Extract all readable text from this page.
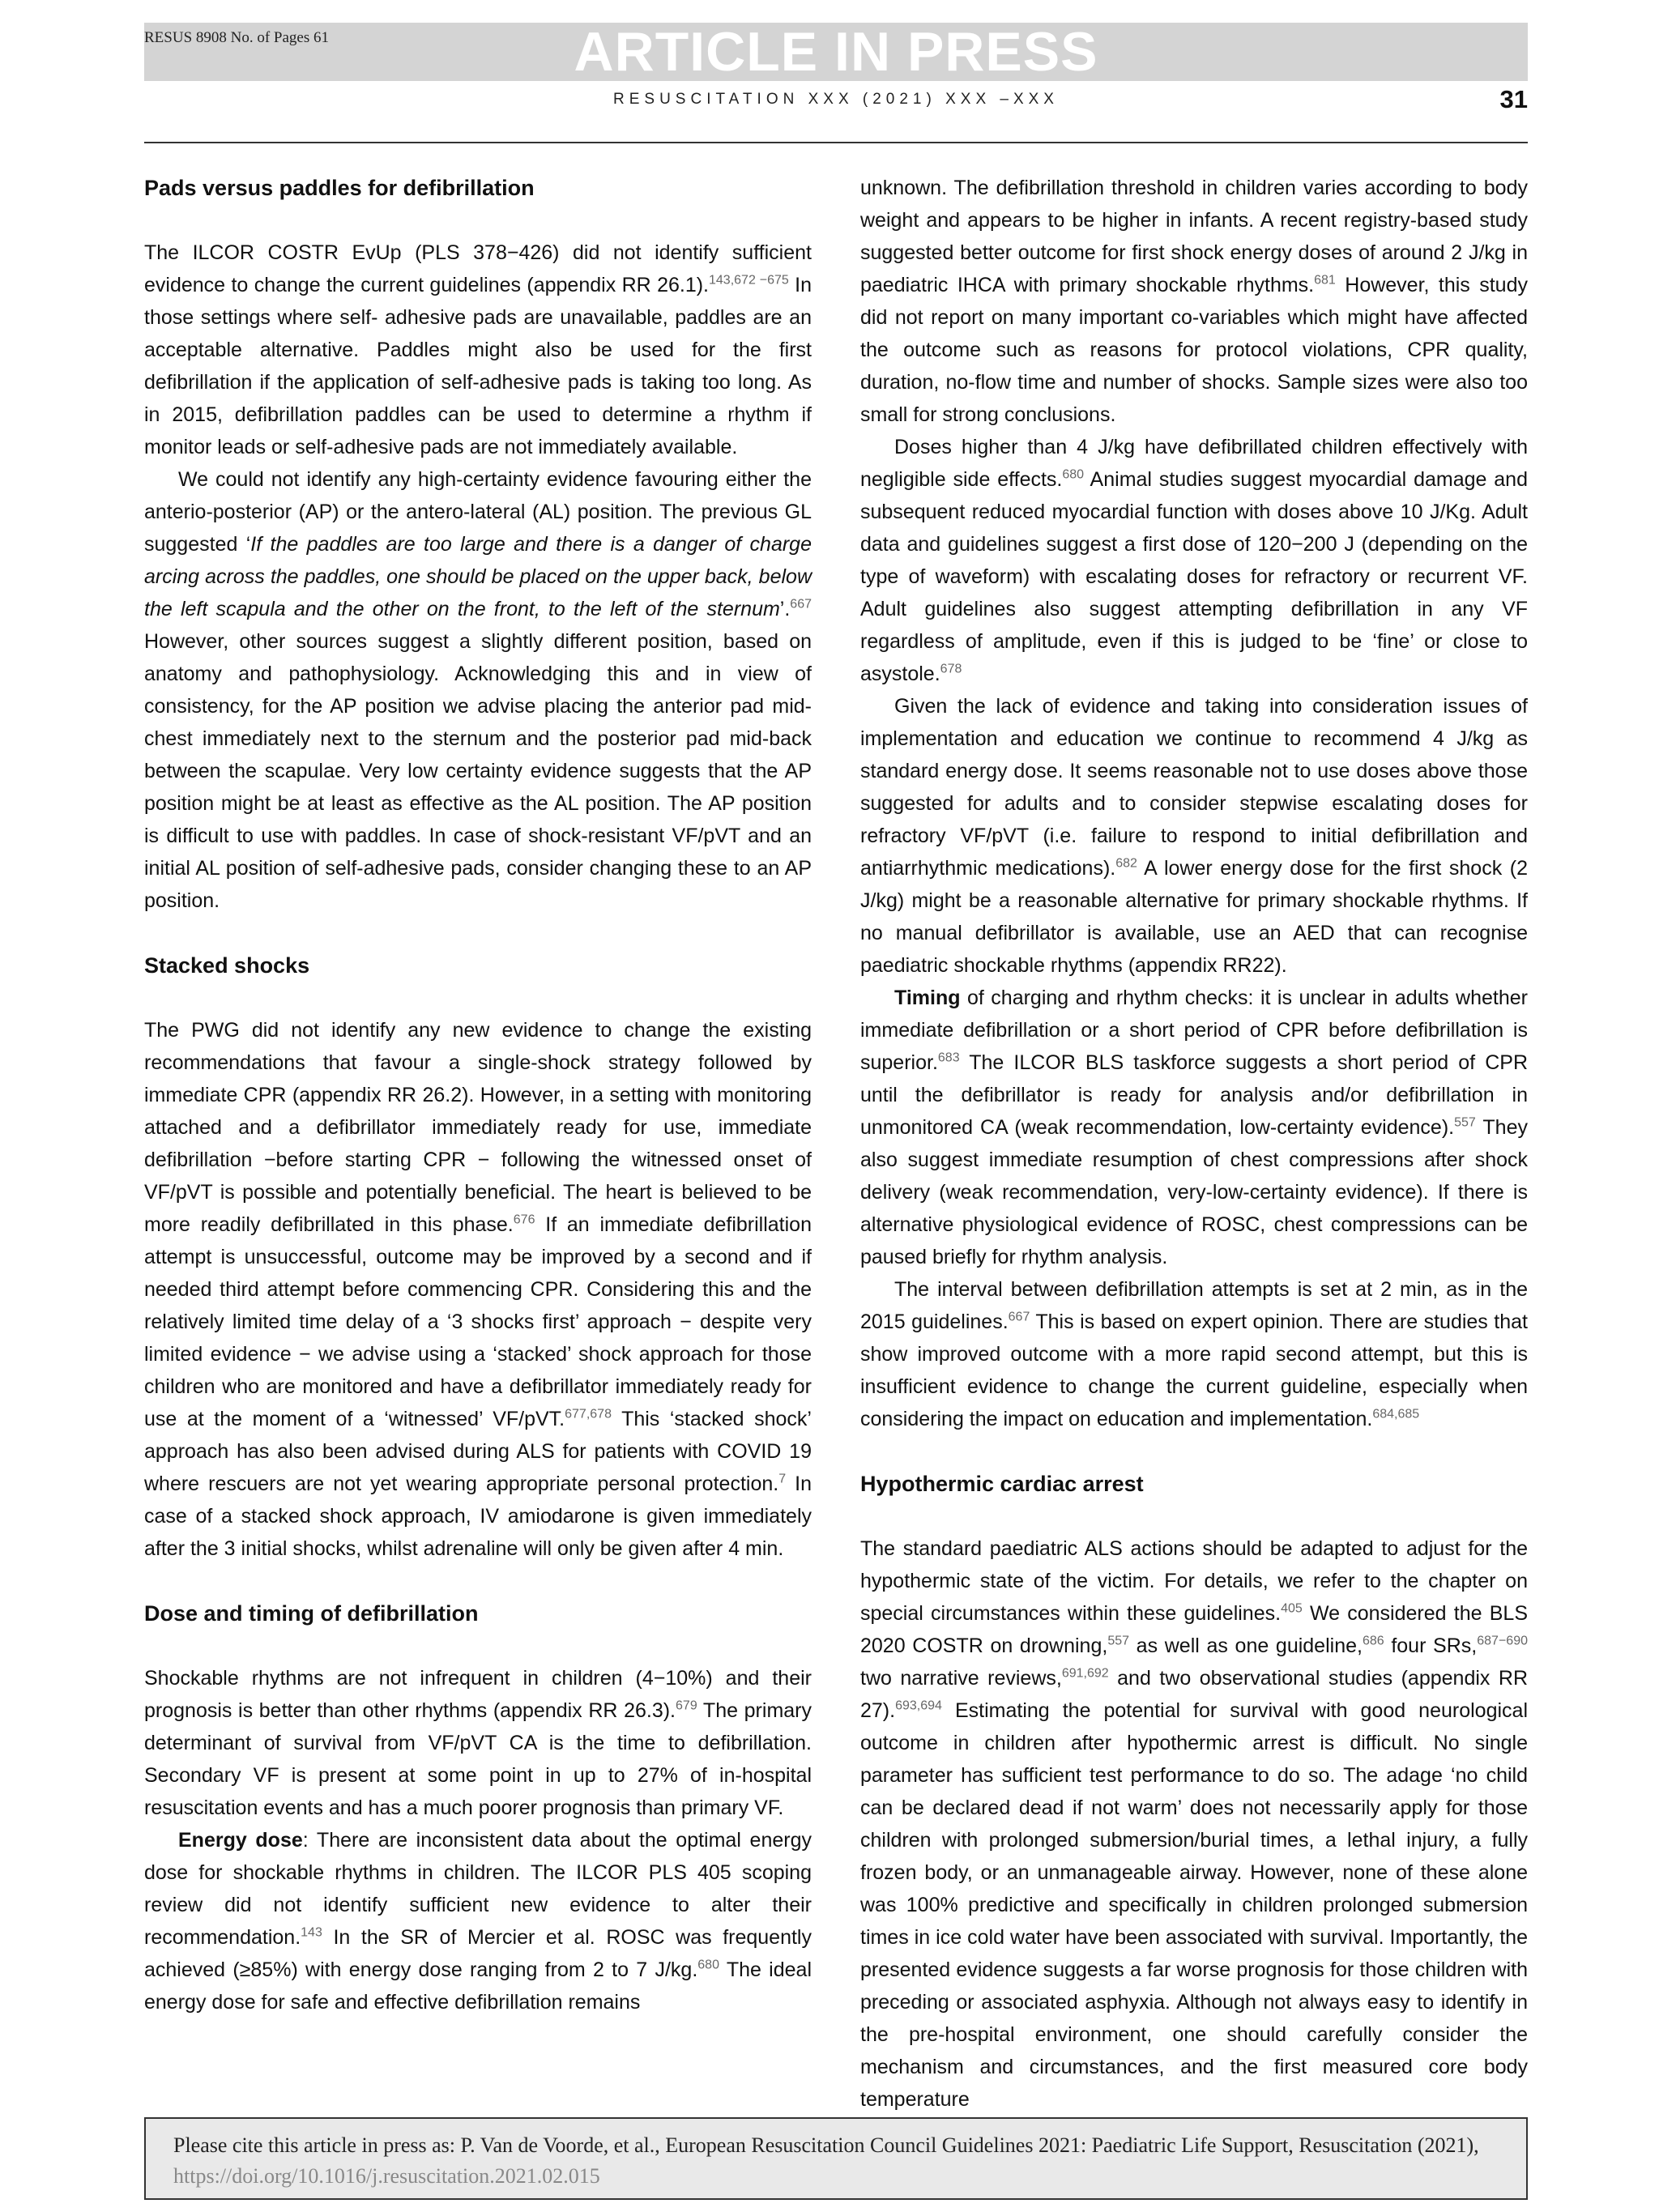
ARTICLE IN PRESS
RESUS 8908 No. of Pages 61
RESUSCITATION XXX (2021) XXX –XXX	31
Pads versus paddles for defibrillation

The ILCOR COSTR EvUp (PLS 378−426) did not identify sufficient evidence to change the current guidelines (appendix RR 26.1).$^{143,672 -675}$ In those settings where self- adhesive pads are unavailable, paddles are an acceptable alternative. Paddles might also be used for the first defibrillation if the application of self-adhesive pads is taking too long. As in 2015, defibrillation paddles can be used to determine a rhythm if monitor leads or self-adhesive pads are not immediately available.

We could not identify any high-certainty evidence favouring either the anterio-posterior (AP) or the antero-lateral (AL) position. The previous GL suggested ‘If the paddles are too large and there is a danger of charge arcing across the paddles, one should be placed on the upper back, below the left scapula and the other on the front, to the left of the sternum’.$^{667}$ However, other sources suggest a slightly different position, based on anatomy and pathophysiology. Acknowledging this and in view of consistency, for the AP position we advise placing the anterior pad mid-chest immediately next to the sternum and the posterior pad mid-back between the scapulae. Very low certainty evidence suggests that the AP position might be at least as effective as the AL position. The AP position is difficult to use with paddles. In case of shock-resistant VF/pVT and an initial AL position of self-adhesive pads, consider changing these to an AP position.

Stacked shocks

The PWG did not identify any new evidence to change the existing recommendations that favour a single-shock strategy followed by immediate CPR (appendix RR 26.2). However, in a setting with monitoring attached and a defibrillator immediately ready for use, immediate defibrillation −before starting CPR − following the witnessed onset of VF/pVT is possible and potentially beneficial. The heart is believed to be more readily defibrillated in this phase.$^{676}$ If an immediate defibrillation attempt is unsuccessful, outcome may be improved by a second and if needed third attempt before commencing CPR. Considering this and the relatively limited time delay of a ‘3 shocks first’ approach − despite very limited evidence − we advise using a ‘stacked’ shock approach for those children who are monitored and have a defibrillator immediately ready for use at the moment of a ‘witnessed’ VF/pVT.$^{677,678}$ This ‘stacked shock’ approach has also been advised during ALS for patients with COVID 19 where rescuers are not yet wearing appropriate personal protection.$^7$ In case of a stacked shock approach, IV amiodarone is given immediately after the 3 initial shocks, whilst adrenaline will only be given after 4 min.

Dose and timing of defibrillation

Shockable rhythms are not infrequent in children (4−10%) and their prognosis is better than other rhythms (appendix RR 26.3).$^{679}$ The primary determinant of survival from VF/pVT CA is the time to defibrillation. Secondary VF is present at some point in up to 27% of in-hospital resuscitation events and has a much poorer prognosis than primary VF.

Energy dose: There are inconsistent data about the optimal energy dose for shockable rhythms in children. The ILCOR PLS 405 scoping review did not identify sufficient new evidence to alter their recommendation.$^{143}$ In the SR of Mercier et al. ROSC was frequently achieved (≥85%) with energy dose ranging from 2 to 7 J/kg.$^{680}$ The ideal energy dose for safe and effective defibrillation remains

unknown. The defibrillation threshold in children varies according to body weight and appears to be higher in infants. A recent registry-based study suggested better outcome for first shock energy doses of around 2 J/kg in paediatric IHCA with primary shockable rhythms.$^{681}$ However, this study did not report on many important co-variables which might have affected the outcome such as reasons for protocol violations, CPR quality, duration, no-flow time and number of shocks. Sample sizes were also too small for strong conclusions.

Doses higher than 4 J/kg have defibrillated children effectively with negligible side effects.$^{680}$ Animal studies suggest myocardial damage and subsequent reduced myocardial function with doses above 10 J/Kg. Adult data and guidelines suggest a first dose of 120−200 J (depending on the type of waveform) with escalating doses for refractory or recurrent VF. Adult guidelines also suggest attempting defibrillation in any VF regardless of amplitude, even if this is judged to be ‘fine’ or close to asystole.$^{678}$

Given the lack of evidence and taking into consideration issues of implementation and education we continue to recommend 4 J/kg as standard energy dose. It seems reasonable not to use doses above those suggested for adults and to consider stepwise escalating doses for refractory VF/pVT (i.e. failure to respond to initial defibrillation and antiarrhythmic medications).$^{682}$ A lower energy dose for the first shock (2 J/kg) might be a reasonable alternative for primary shockable rhythms. If no manual defibrillator is available, use an AED that can recognise paediatric shockable rhythms (appendix RR22).

Timing of charging and rhythm checks: it is unclear in adults whether immediate defibrillation or a short period of CPR before defibrillation is superior.$^{683}$ The ILCOR BLS taskforce suggests a short period of CPR until the defibrillator is ready for analysis and/or defibrillation in unmonitored CA (weak recommendation, low-certainty evidence).$^{557}$ They also suggest immediate resumption of chest compressions after shock delivery (weak recommendation, very-low-certainty evidence). If there is alternative physiological evidence of ROSC, chest compressions can be paused briefly for rhythm analysis.

The interval between defibrillation attempts is set at 2 min, as in the 2015 guidelines.$^{667}$ This is based on expert opinion. There are studies that show improved outcome with a more rapid second attempt, but this is insufficient evidence to change the current guideline, especially when considering the impact on education and implementation.$^{684,685}$

Hypothermic cardiac arrest

The standard paediatric ALS actions should be adapted to adjust for the hypothermic state of the victim. For details, we refer to the chapter on special circumstances within these guidelines.$^{405}$ We considered the BLS 2020 COSTR on drowning,$^{557}$ as well as one guideline,$^{686}$ four SRs,$^{687-690}$ two narrative reviews,$^{691,692}$ and two observational studies (appendix RR 27).$^{693,694}$ Estimating the potential for survival with good neurological outcome in children after hypothermic arrest is difficult. No single parameter has sufficient test performance to do so. The adage ‘no child can be declared dead if not warm’ does not necessarily apply for those children with prolonged submersion/burial times, a lethal injury, a fully frozen body, or an unmanageable airway. However, none of these alone was 100% predictive and specifically in children prolonged submersion times in ice cold water have been associated with survival. Importantly, the presented evidence suggests a far worse prognosis for those children with preceding or associated asphyxia. Although not always easy to identify in the pre-hospital environment, one should carefully consider the mechanism and circumstances, and the first measured core body temperature

Please cite this article in press as: P. Van de Voorde, et al., European Resuscitation Council Guidelines 2021: Paediatric Life Support, Resuscitation (2021), https://doi.org/10.1016/j.resuscitation.2021.02.015
